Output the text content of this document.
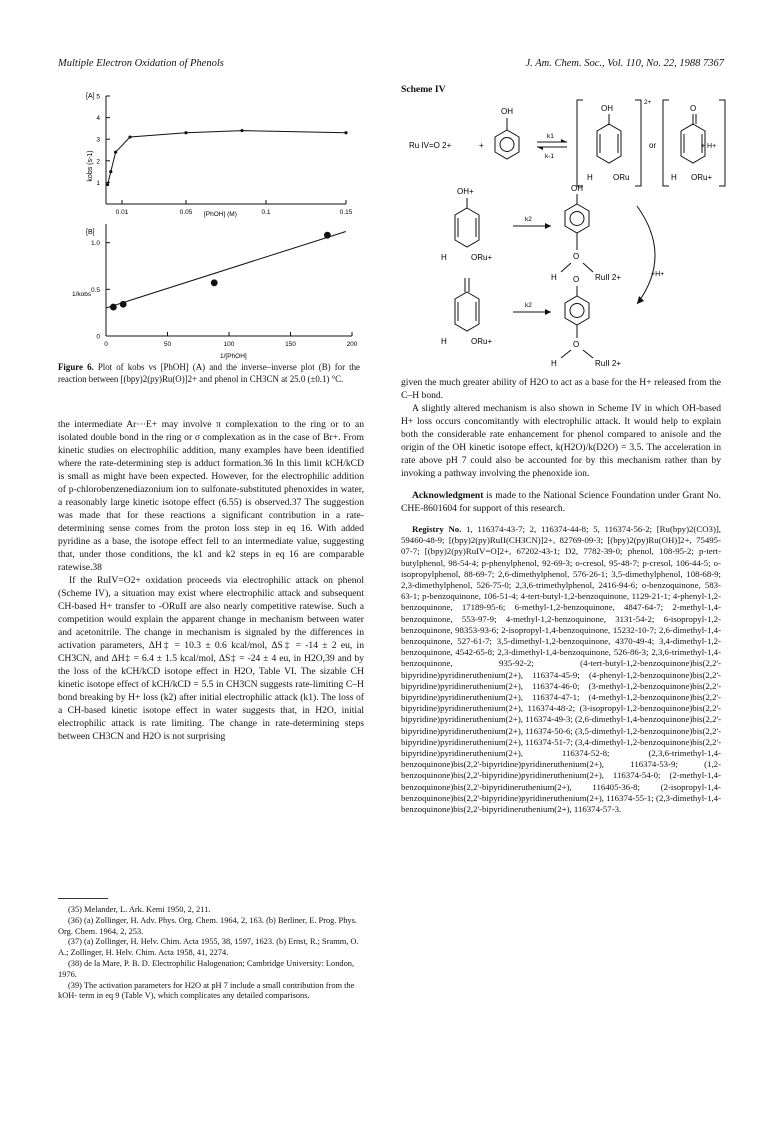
Multiple Electron Oxidation of Phenols	J. Am. Chem. Soc., Vol. 110, No. 22, 1988 7367
[A]
kobs (s-1)
1
2
3
4
5
0.01	0.05	0.1	0.15
[PhOH] (M)
[B]
1/kobs
0
0.5
1.0
0	50	100	150	200
1/[PhOH]
Figure 6. Plot of kobs vs [PhOH] (A) and the inverse–inverse plot (B) for the reaction between [(bpy)2(py)Ru(O)]2+ and phenol in CH3CN at 25.0 (±0.1) °C.

the intermediate Ar···E+ may involve π complexation to the ring or to an isolated double bond in the ring or σ complexation as in the case of Br+. From kinetic studies on electrophilic addition, many examples have been identified where the rate-determining step is adduct formation.36 In this limit kCH/kCD is small as might have been expected. However, for the electrophilic addition of p-chlorobenzenediazonium ion to sulfonate-substituted phenoxides in water, a reasonably large kinetic isotope effect (6.55) is observed.37 The suggestion was made that for these reactions a significant contribution in a rate-determining sense comes from the proton loss step in eq 16. With added pyridine as a base, the isotope effect fell to an intermediate value, suggesting that, under those conditions, the k1 and k2 steps in eq 16 are comparable ratewise.38

If the RuIV=O2+ oxidation proceeds via electrophilic attack on phenol (Scheme IV), a situation may exist where electrophilic attack and subsequent CH-based H+ transfer to -ORuII are also nearly competitive ratewise. Such a competition would explain the apparent change in mechanism between water and acetonitrile. The change in mechanism is signaled by the differences in activation parameters, ΔH‡ = 10.3 ± 0.6 kcal/mol, ΔS‡ = -14 ± 2 eu, in CH3CN, and ΔH‡ = 6.4 ± 1.5 kcal/mol, ΔS‡ = -24 ± 4 eu, in H2O,39 and by the loss of the kCH/kCD isotope effect in H2O, Table VI. The sizable CH kinetic isotope effect of kCH/kCD = 5.5 in CH3CN suggests rate-limiting C–H bond breaking by H+ loss (k2) after initial electrophilic attack (k1). The loss of a CH-based kinetic isotope effect in water suggests that, in H2O, initial electrophilic attack is rate limiting. The change in rate-determining steps between CH3CN and H2O is not surprising

(35) Melander, L. Ark. Kemi 1950, 2, 211.

(36) (a) Zollinger, H. Adv. Phys. Org. Chem. 1964, 2, 163. (b) Berliner, E. Prog. Phys. Org. Chem. 1964, 2, 253.

(37) (a) Zollinger, H. Helv. Chim. Acta 1955, 38, 1597, 1623. (b) Ernst, R.; Sramm, O. A.; Zollinger, H. Helv. Chim. Acta 1958, 41, 2274.

(38) de la Mare, P. B. D. Electrophilic Halogenation; Cambridge University: London, 1976.

(39) The activation parameters for H2O at pH 7 include a small contribution from the kOH- term in eq 9 (Table V), which complicates any detailed comparisons.

Scheme IV
Ru IV=O 2+	+
OH
k1
k-1
2+
OH
H	ORu
or
O
H ORu+
+ H+
OH+
H	ORu+
k2
OH
O
H	RuII 2+	+H+
H	ORu+
k2
O
O
H	RuII 2+

given the much greater ability of H2O to act as a base for the H+ released from the C–H bond.

A slightly altered mechanism is also shown in Scheme IV in which OH-based H+ loss occurs concomitantly with electrophilic attack. It would help to explain both the considerable rate enhancement for phenol compared to anisole and the origin of the OH kinetic isotope effect, k(H2O)/k(D2O) = 3.5. The acceleration in rate above pH 7 could also be accounted for by this mechanism rather than by invoking a pathway involving the phenoxide ion.

Acknowledgment is made to the National Science Foundation under Grant No. CHE-8601604 for support of this research.

Registry No. 1, 116374-43-7; 2, 116374-44-8; 5, 116374-56-2; [Ru(bpy)2(CO3)], 59460-48-9; [(bpy)2(py)RuII(CH3CN)]2+, 82769-09-3; [(bpy)2(py)Ru(OH)]2+, 75495-07-7; [(bpy)2(py)RuIV=O]2+, 67202-43-1; D2, 7782-39-0; phenol, 108-95-2; p-tert-butylphenol, 98-54-4; p-phenylphenol, 92-69-3; o-cresol, 95-48-7; p-cresol, 106-44-5; o-isopropylphenol, 88-69-7; 2,6-dimethylphenol, 576-26-1; 3,5-dimethylphenol, 108-68-9; 2,3-dimethylphenol, 526-75-0; 2,3,6-trimethylphenol, 2416-94-6; o-benzoquinone, 583-63-1; p-benzoquinone, 106-51-4; 4-tert-butyl-1,2-benzoquinone, 1129-21-1; 4-phenyl-1,2-benzoquinone, 17189-95-6; 6-methyl-1,2-benzoquinone, 4847-64-7; 2-methyl-1,4-benzoquinone, 553-97-9; 4-methyl-1,2-benzoquinone, 3131-54-2; 6-isopropyl-1,2-benzoquinone, 98353-93-6; 2-isopropyl-1,4-benzoquinone, 15232-10-7; 2,6-dimethyl-1,4-benzoquinone, 527-61-7; 3,5-dimethyl-1,2-benzoquinone, 4370-49-4; 3,4-dimethyl-1,2-benzoquinone, 4542-65-8; 2,3-dimethyl-1,4-benzoquinone, 526-86-3; 2,3,6-trimethyl-1,4-benzoquinone, 935-92-2; (4-tert-butyl-1,2-benzoquinone)bis(2,2'-bipyridine)pyridineruthenium(2+), 116374-45-9; (4-phenyl-1,2-benzoquinone)bis(2,2'-bipyridine)pyridineruthenium(2+), 116374-46-0; (3-methyl-1,2-benzoquinone)bis(2,2'-bipyridine)pyridineruthenium(2+), 116374-47-1; (4-methyl-1,2-benzoquinone)bis(2,2'-bipyridine)pyridineruthenium(2+), 116374-48-2; (3-isopropyl-1,2-benzoquinone)bis(2,2'-bipyridine)pyridineruthenium(2+), 116374-49-3; (2,6-dimethyl-1,4-benzoquinone)bis(2,2'-bipyridine)pyridineruthenium(2+), 116374-50-6; (3,5-dimethyl-1,2-benzoquinone)bis(2,2'-bipyridine)pyridineruthenium(2+), 116374-51-7; (3,4-dimethyl-1,2-benzoquinone)bis(2,2'-bipyridine)pyridineruthenium(2+), 116374-52-8; (2,3,6-trimethyl-1,4-benzoquinone)bis(2,2'-bipyridine)pyridineruthenium(2+), 116374-53-9; (1,2-benzoquinone)bis(2,2'-bipyridine)pyridineruthenium(2+), 116374-54-0; (2-methyl-1,4-benzoquinone)bis(2,2'-bipyridineruthenium(2+), 116405-36-8; (2-isopropyl-1,4-benzoquinone)bis(2,2'-bipyridine)pyridineruthenium(2+), 116374-55-1; (2,3-dimethyl-1,4-benzoquinone)bis(2,2'-bipyridineruthenium(2+), 116374-57-3.
